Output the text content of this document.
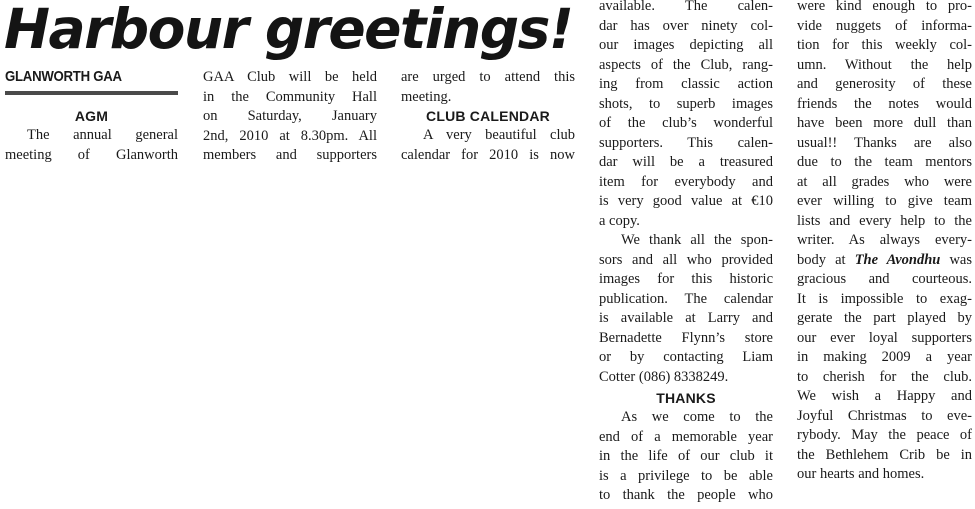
Harbour greetings!
GLANWORTH GAA
AGM
The annual general
meeting of Glanworth
GAA Club will be held
in the Community Hall
on Saturday, January
2nd, 2010 at 8.30pm. All
members and supporters
are urged to attend this
meeting.
CLUB CALENDAR
A very beautiful club
calendar for 2010 is now
available. The calen-
dar has over ninety col-
our images depicting all
aspects of the Club, rang-
ing from classic action
shots, to superb images
of the club’s wonderful
supporters. This calen-
dar will be a treasured
item for everybody and
is very good value at €10
a copy.
We thank all the spon-
sors and all who provided
images for this historic
publication. The calendar
is available at Larry and
Bernadette Flynn’s store
or by contacting Liam
Cotter (086) 8338249.
THANKS
As we come to the
end of a memorable year
in the life of our club it
is a privilege to be able
to thank the people who
were kind enough to pro-
vide nuggets of informa-
tion for this weekly col-
umn. Without the help
and generosity of these
friends the notes would
have been more dull than
usual!! Thanks are also
due to the team mentors
at all grades who were
ever willing to give team
lists and every help to the
writer. As always every-
body at The Avondhu was
gracious and courteous.
It is impossible to exag-
gerate the part played by
our ever loyal supporters
in making 2009 a year
to cherish for the club.
We wish a Happy and
Joyful Christmas to eve-
rybody. May the peace of
the Bethlehem Crib be in
our hearts and homes.
